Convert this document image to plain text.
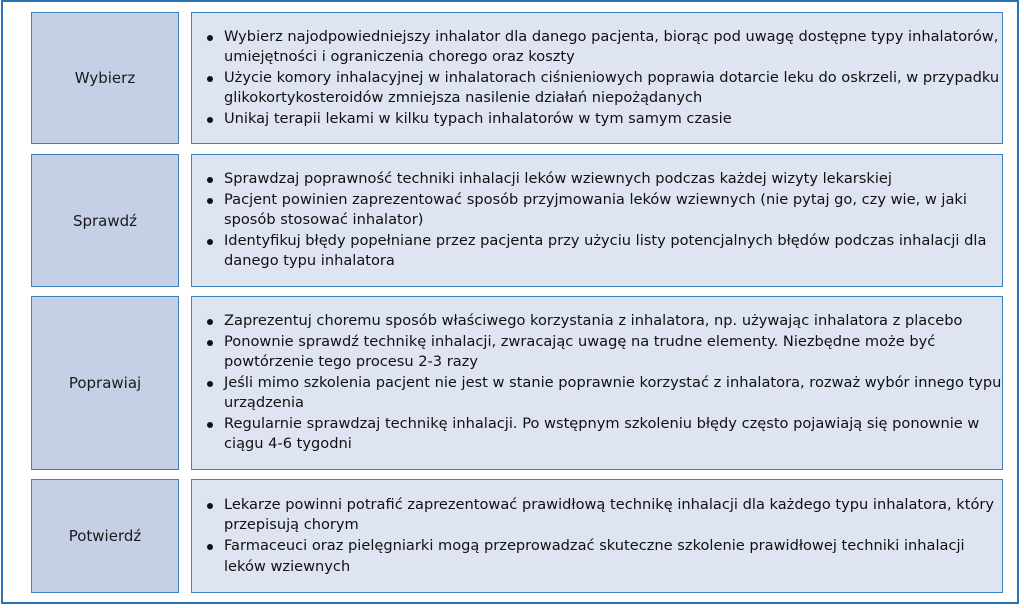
Wybierz
Wybierz najodpowiedniejszy inhalator dla danego pacjenta, biorąc pod uwagę dostępne typy inhalatorów, umiejętności i ograniczenia chorego oraz koszty
Użycie komory inhalacyjnej w inhalatorach ciśnieniowych poprawia dotarcie leku do oskrzeli, w przypadku glikokortykosteroidów zmniejsza nasilenie działań niepożądanych
Unikaj terapii lekami w kilku typach inhalatorów w tym samym czasie
Sprawdź
Sprawdzaj poprawność techniki inhalacji leków wziewnych podczas każdej wizyty lekarskiej
Pacjent powinien zaprezentować sposób przyjmowania leków wziewnych (nie pytaj go, czy wie, w jaki sposób stosować inhalator)
Identyfikuj błędy popełniane przez pacjenta przy użyciu listy potencjalnych błędów podczas inhalacji dla danego typu inhalatora
Poprawiaj
Zaprezentuj choremu sposób właściwego korzystania z inhalatora, np. używając inhalatora z placebo
Ponownie sprawdź technikę inhalacji, zwracając uwagę na trudne elementy. Niezbędne może być powtórzenie tego procesu 2-3 razy
Jeśli mimo szkolenia pacjent nie jest w stanie poprawnie korzystać z inhalatora, rozważ wybór innego typu urządzenia
Regularnie sprawdzaj technikę inhalacji. Po wstępnym szkoleniu błędy często pojawiają się ponownie w ciągu 4-6 tygodni
Potwierdź
Lekarze powinni potrafić zaprezentować prawidłową technikę inhalacji dla każdego typu inhalatora, który przepisują chorym
Farmaceuci oraz pielęgniarki mogą przeprowadzać skuteczne szkolenie prawidłowej techniki inhalacji leków wziewnych
